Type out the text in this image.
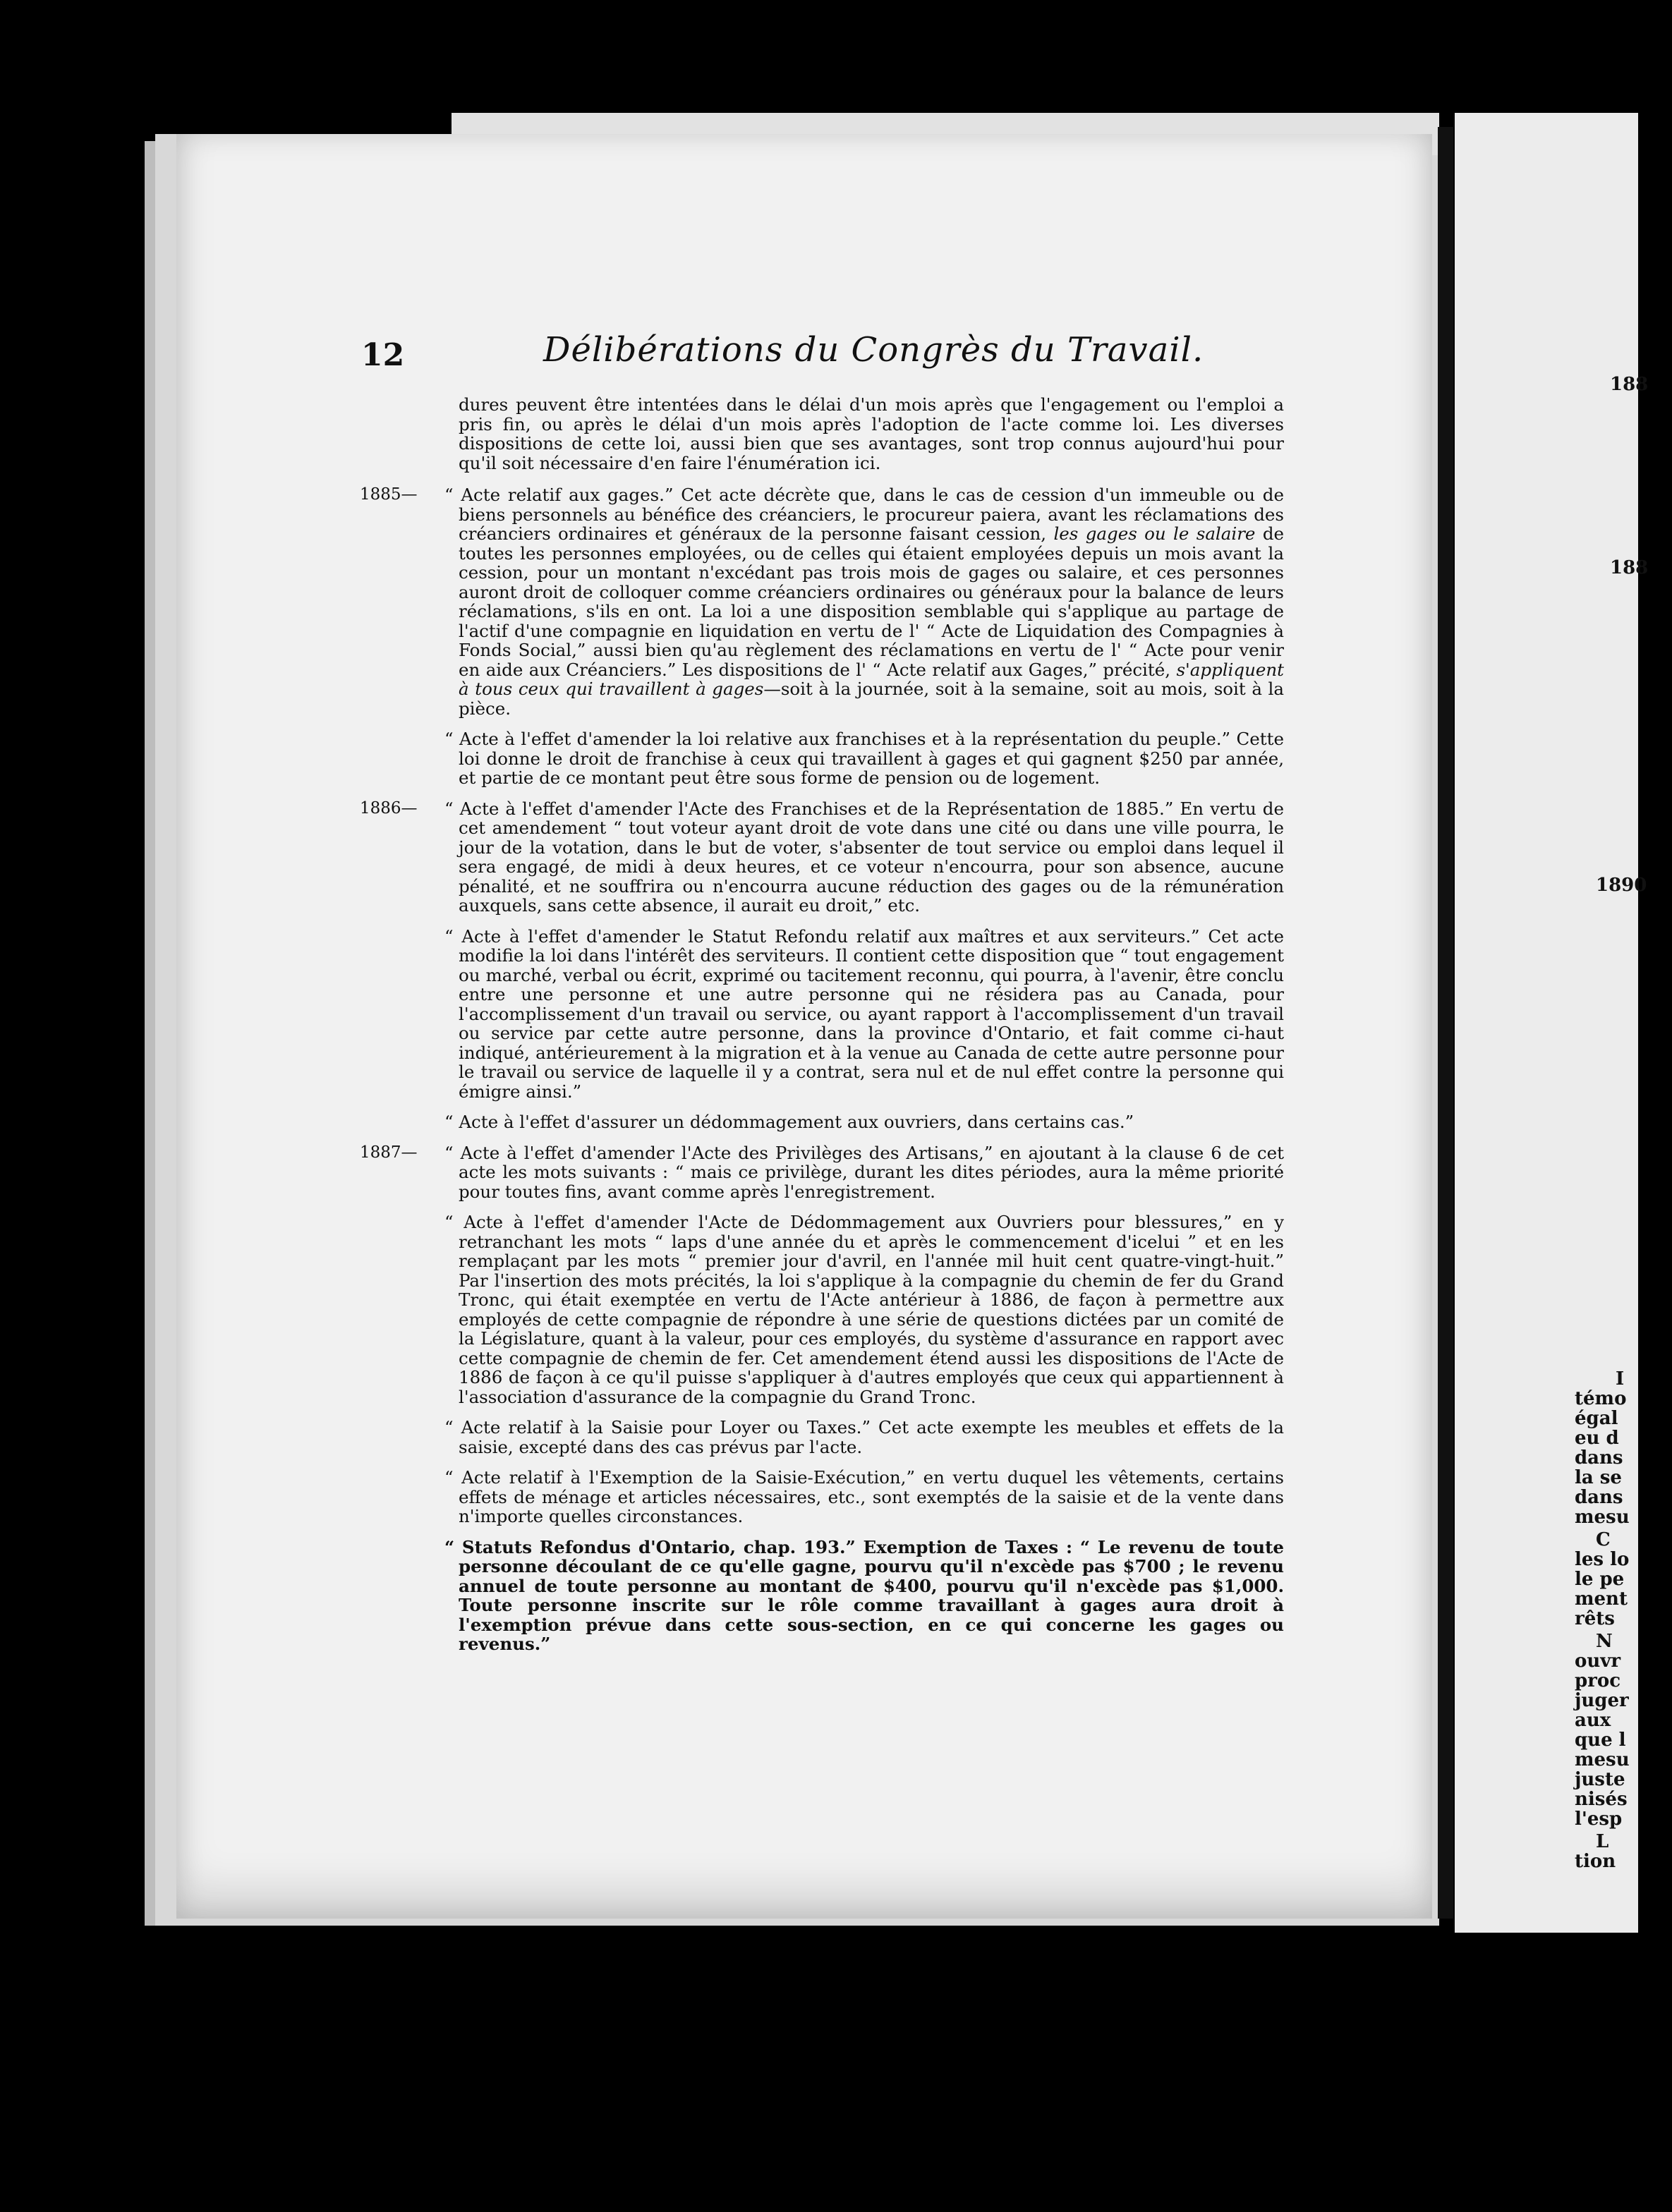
12	Délibérations du Congrès du Travail.

dures peuvent être intentées dans le délai d'un mois après que l'engagement ou l'emploi a pris fin, ou après le délai d'un mois après l'adoption de l'acte comme loi. Les diverses dispositions de cette loi, aussi bien que ses avantages, sont trop connus aujourd'hui pour qu'il soit nécessaire d'en faire l'énumération ici.

1885—	“ Acte relatif aux gages.” Cet acte décrète que, dans le cas de cession d'un immeuble ou de biens personnels au bénéfice des créanciers, le procureur paiera, avant les réclamations des créanciers ordinaires et généraux de la personne faisant cession, les gages ou le salaire de toutes les personnes employées, ou de celles qui étaient employées depuis un mois avant la cession, pour un montant n'excédant pas trois mois de gages ou salaire, et ces personnes auront droit de colloquer comme créanciers ordinaires ou généraux pour la balance de leurs réclamations, s'ils en ont. La loi a une disposition semblable qui s'applique au partage de l'actif d'une compagnie en liquidation en vertu de l' “ Acte de Liquidation des Compagnies à Fonds Social,” aussi bien qu'au règlement des réclamations en vertu de l' “ Acte pour venir en aide aux Créanciers.” Les dispositions de l' “ Acte relatif aux Gages,” précité, s'appliquent à tous ceux qui travaillent à gages—soit à la journée, soit à la semaine, soit au mois, soit à la pièce.
“ Acte à l'effet d'amender la loi relative aux franchises et à la représentation du peuple.” Cette loi donne le droit de franchise à ceux qui travaillent à gages et qui gagnent $250 par année, et partie de ce montant peut être sous forme de pension ou de logement.
1886—	“ Acte à l'effet d'amender l'Acte des Franchises et de la Représentation de 1885.” En vertu de cet amendement “ tout voteur ayant droit de vote dans une cité ou dans une ville pourra, le jour de la votation, dans le but de voter, s'absenter de tout service ou emploi dans lequel il sera engagé, de midi à deux heures, et ce voteur n'encourra, pour son absence, aucune pénalité, et ne souffrira ou n'encourra aucune réduction des gages ou de la rémunération auxquels, sans cette absence, il aurait eu droit,” etc.
“ Acte à l'effet d'amender le Statut Refondu relatif aux maîtres et aux serviteurs.” Cet acte modifie la loi dans l'intérêt des serviteurs. Il contient cette disposition que “ tout engagement ou marché, verbal ou écrit, exprimé ou tacitement reconnu, qui pourra, à l'avenir, être conclu entre une personne et une autre personne qui ne résidera pas au Canada, pour l'accomplissement d'un travail ou service, ou ayant rapport à l'accomplissement d'un travail ou service par cette autre personne, dans la province d'Ontario, et fait comme ci-haut indiqué, antérieurement à la migration et à la venue au Canada de cette autre personne pour le travail ou service de laquelle il y a contrat, sera nul et de nul effet contre la personne qui émigre ainsi.”
“ Acte à l'effet d'assurer un dédommagement aux ouvriers, dans certains cas.”
1887—	“ Acte à l'effet d'amender l'Acte des Privilèges des Artisans,” en ajoutant à la clause 6 de cet acte les mots suivants : “ mais ce privilège, durant les dites périodes, aura la même priorité pour toutes fins, avant comme après l'enregistrement.
“ Acte à l'effet d'amender l'Acte de Dédommagement aux Ouvriers pour blessures,” en y retranchant les mots “ laps d'une année du et après le commencement d'icelui ” et en les remplaçant par les mots “ premier jour d'avril, en l'année mil huit cent quatre-vingt-huit.” Par l'insertion des mots précités, la loi s'applique à la compagnie du chemin de fer du Grand Tronc, qui était exemptée en vertu de l'Acte antérieur à 1886, de façon à permettre aux employés de cette compagnie de répondre à une série de questions dictées par un comité de la Législature, quant à la valeur, pour ces employés, du système d'assurance en rapport avec cette compagnie de chemin de fer. Cet amendement étend aussi les dispositions de l'Acte de 1886 de façon à ce qu'il puisse s'appliquer à d'autres employés que ceux qui appartiennent à l'association d'assurance de la compagnie du Grand Tronc.
“ Acte relatif à la Saisie pour Loyer ou Taxes.” Cet acte exempte les meubles et effets de la saisie, excepté dans des cas prévus par l'acte.
“ Acte relatif à l'Exemption de la Saisie-Exécution,” en vertu duquel les vêtements, certains effets de ménage et articles nécessaires, etc., sont exemptés de la saisie et de la vente dans n'importe quelles circonstances.
“ Statuts Refondus d'Ontario, chap. 193.” Exemption de Taxes : “ Le revenu de toute personne découlant de ce qu'elle gagne, pourvu qu'il n'excède pas $700 ; le revenu annuel de toute personne au montant de $400, pourvu qu'il n'excède pas $1,000. Toute personne inscrite sur le rôle comme travaillant à gages aura droit à l'exemption prévue dans cette sous-section, en ce qui concerne les gages ou revenus.”
188
188
1890
I
témo
égal
eu d
dans
la se
dans
mesu
C
les lo
le pe
ment
rêts
N
ouvr
proc
juger
aux
que l
mesu
juste
nisés
l'esp
L
tion
